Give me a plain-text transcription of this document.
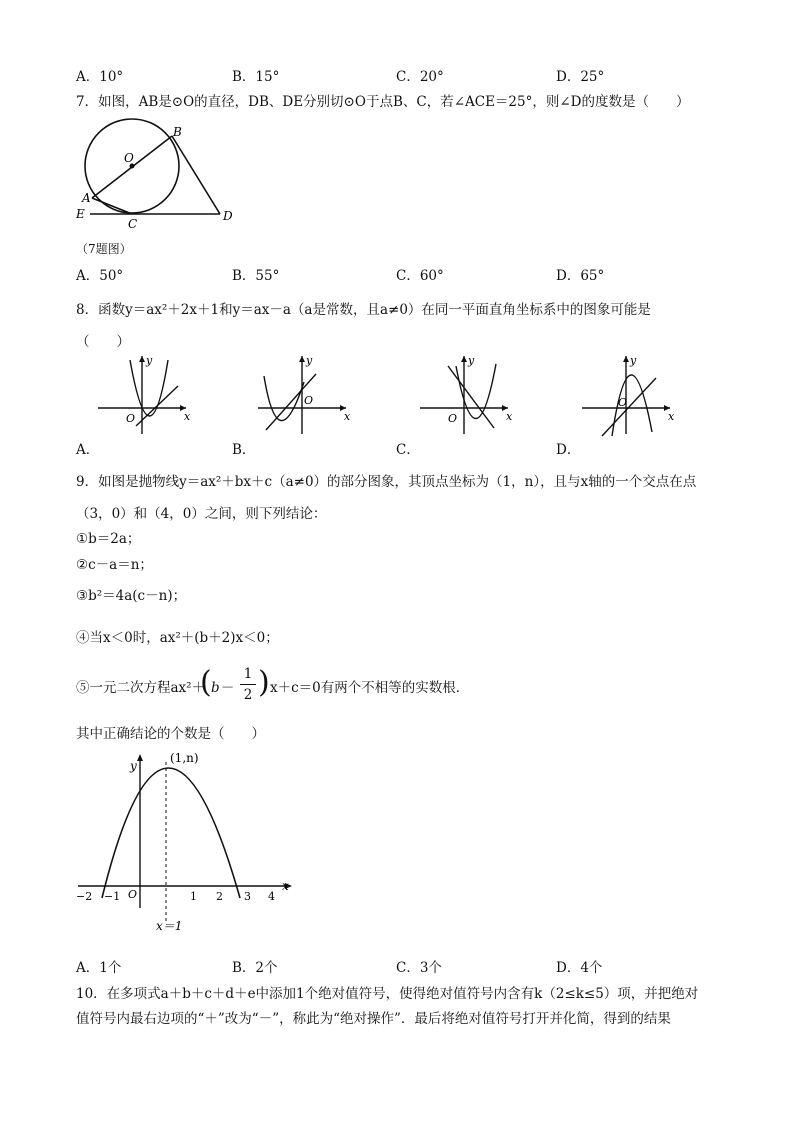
A．10°	B．15°	C．20°	D．25°
7．如图，AB是⊙O的直径，DB、DE分别切⊙O于点B、C，若∠ACE＝25°，则∠D的度数是（　　）
O
B
A
E
C
D
（7题图）
A．50°	B．55°	C．60°	D．65°
8．函数y＝ax²＋2x＋1和y＝ax－a（a是常数，且a≠0）在同一平面直角坐标系中的图象可能是
（　　）
y
x
O
y
x
O
y
x
O
y
x
O
A．	B．	C．	D．
9．如图是抛物线y＝ax²＋bx＋c（a≠0）的部分图象，其顶点坐标为（1，n），且与x轴的一个交点在点
（3，0）和（4，0）之间，则下列结论：
①b＝2a；
②c－a＝n；
③b²＝4a(c－n)；
④当x＜0时，ax²＋(b＋2)x＜0；
⑤一元二次方程ax²＋
( b－
1
2 ) x＋c＝0有两个不相等的实数根．
其中正确结论的个数是（　　）
y
x
O
(1,n)
x＝1
−2 −1	1 2 3 4
A．1个	B．2个	C．3个	D．4个
10．在多项式a＋b＋c＋d＋e中添加1个绝对值符号，使得绝对值符号内含有k（2≤k≤5）项，并把绝对
值符号内最右边项的“＋”改为“－”，称此为“绝对操作”．最后将绝对值符号打开并化简，得到的结果
